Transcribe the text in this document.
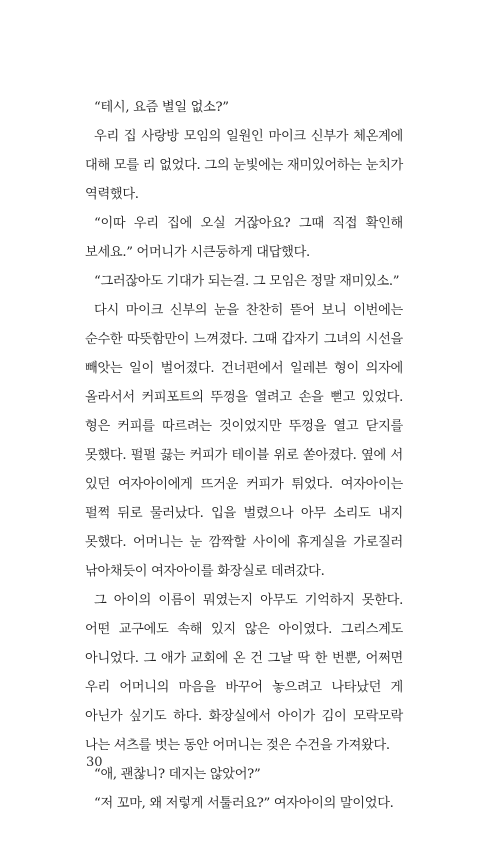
“테시, 요즘 별일 없소?”

우리 집 사랑방 모임의 일원인 마이크 신부가 체온계에 대해 모를 리 없었다. 그의 눈빛에는 재미있어하는 눈치가 역력했다.

“이따 우리 집에 오실 거잖아요? 그때 직접 확인해 보세요.” 어머니가 시큰둥하게 대답했다.

“그러잖아도 기대가 되는걸. 그 모임은 정말 재미있소.”

다시 마이크 신부의 눈을 찬찬히 뜯어 보니 이번에는 순수한 따뜻함만이 느껴졌다. 그때 갑자기 그녀의 시선을 빼앗는 일이 벌어졌다. 건너편에서 일레븐 형이 의자에 올라서서 커피포트의 뚜껑을 열려고 손을 뻗고 있었다. 형은 커피를 따르려는 것이었지만 뚜껑을 열고 닫지를 못했다. 펄펄 끓는 커피가 테이블 위로 쏟아졌다. 옆에 서 있던 여자아이에게 뜨거운 커피가 튀었다. 여자아이는 펄쩍 뒤로 물러났다. 입을 벌렸으나 아무 소리도 내지 못했다. 어머니는 눈 깜짝할 사이에 휴게실을 가로질러 낚아채듯이 여자아이를 화장실로 데려갔다.

그 아이의 이름이 뭐였는지 아무도 기억하지 못한다. 어떤 교구에도 속해 있지 않은 아이였다. 그리스계도 아니었다. 그 애가 교회에 온 건 그날 딱 한 번뿐, 어쩌면 우리 어머니의 마음을 바꾸어 놓으려고 나타났던 게 아닌가 싶기도 하다. 화장실에서 아이가 김이 모락모락 나는 셔츠를 벗는 동안 어머니는 젖은 수건을 가져왔다.

“애, 괜찮니? 데지는 않았어?”

“저 꼬마, 왜 저렇게 서툴러요?” 여자아이의 말이었다.

30
